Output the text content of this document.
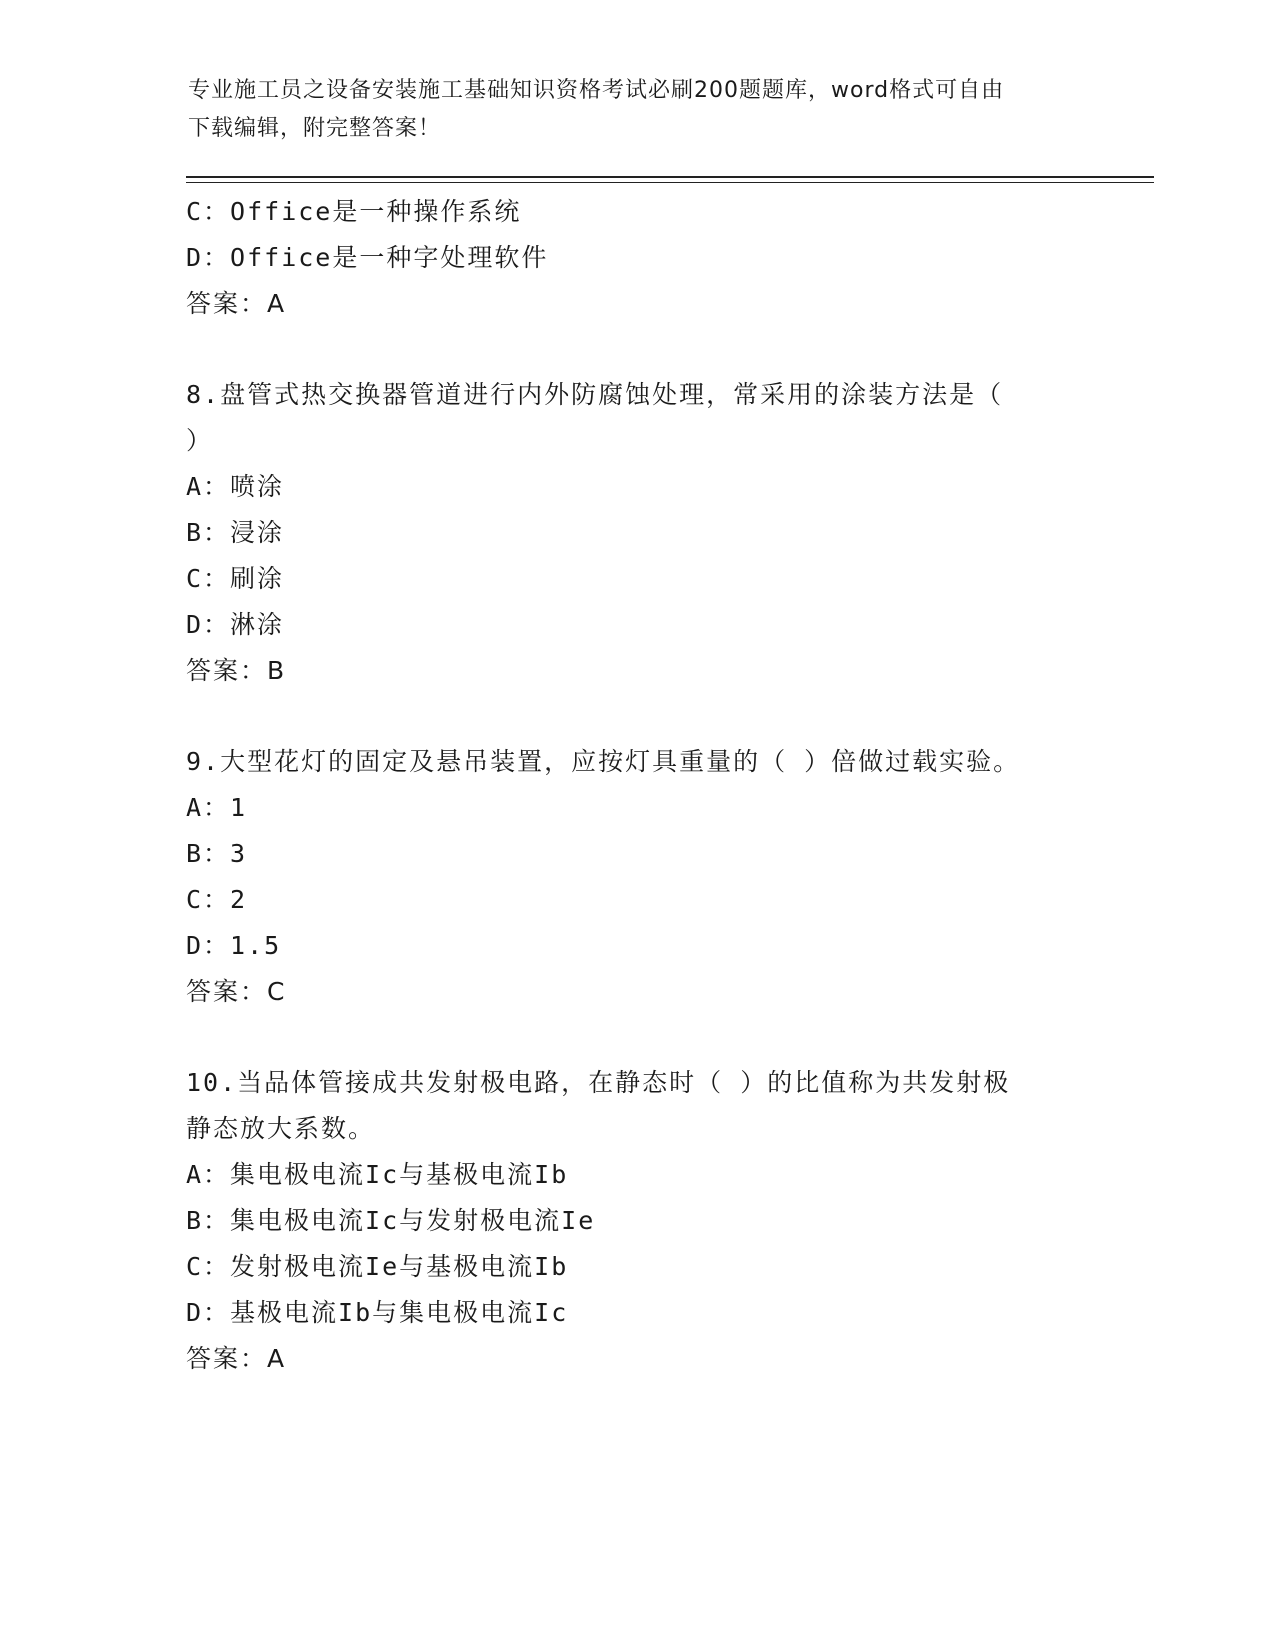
专业施工员之设备安装施工基础知识资格考试必刷200题题库，word格式可自由
下载编辑，附完整答案！
C：Office是一种操作系统
D：Office是一种字处理软件
答案：A
8.盘管式热交换器管道进行内外防腐蚀处理，常采用的涂装方法是（
）
A：喷涂
B：浸涂
C：刷涂
D：淋涂
答案：B
9.大型花灯的固定及悬吊装置，应按灯具重量的（ ）倍做过载实验。
A：1
B：3
C：2
D：1.5
答案：C
10.当品体管接成共发射极电路，在静态时（ ）的比值称为共发射极
静态放大系数。
A：集电极电流Ic与基极电流Ib
B：集电极电流Ic与发射极电流Ie
C：发射极电流Ie与基极电流Ib
D：基极电流Ib与集电极电流Ic
答案：A
